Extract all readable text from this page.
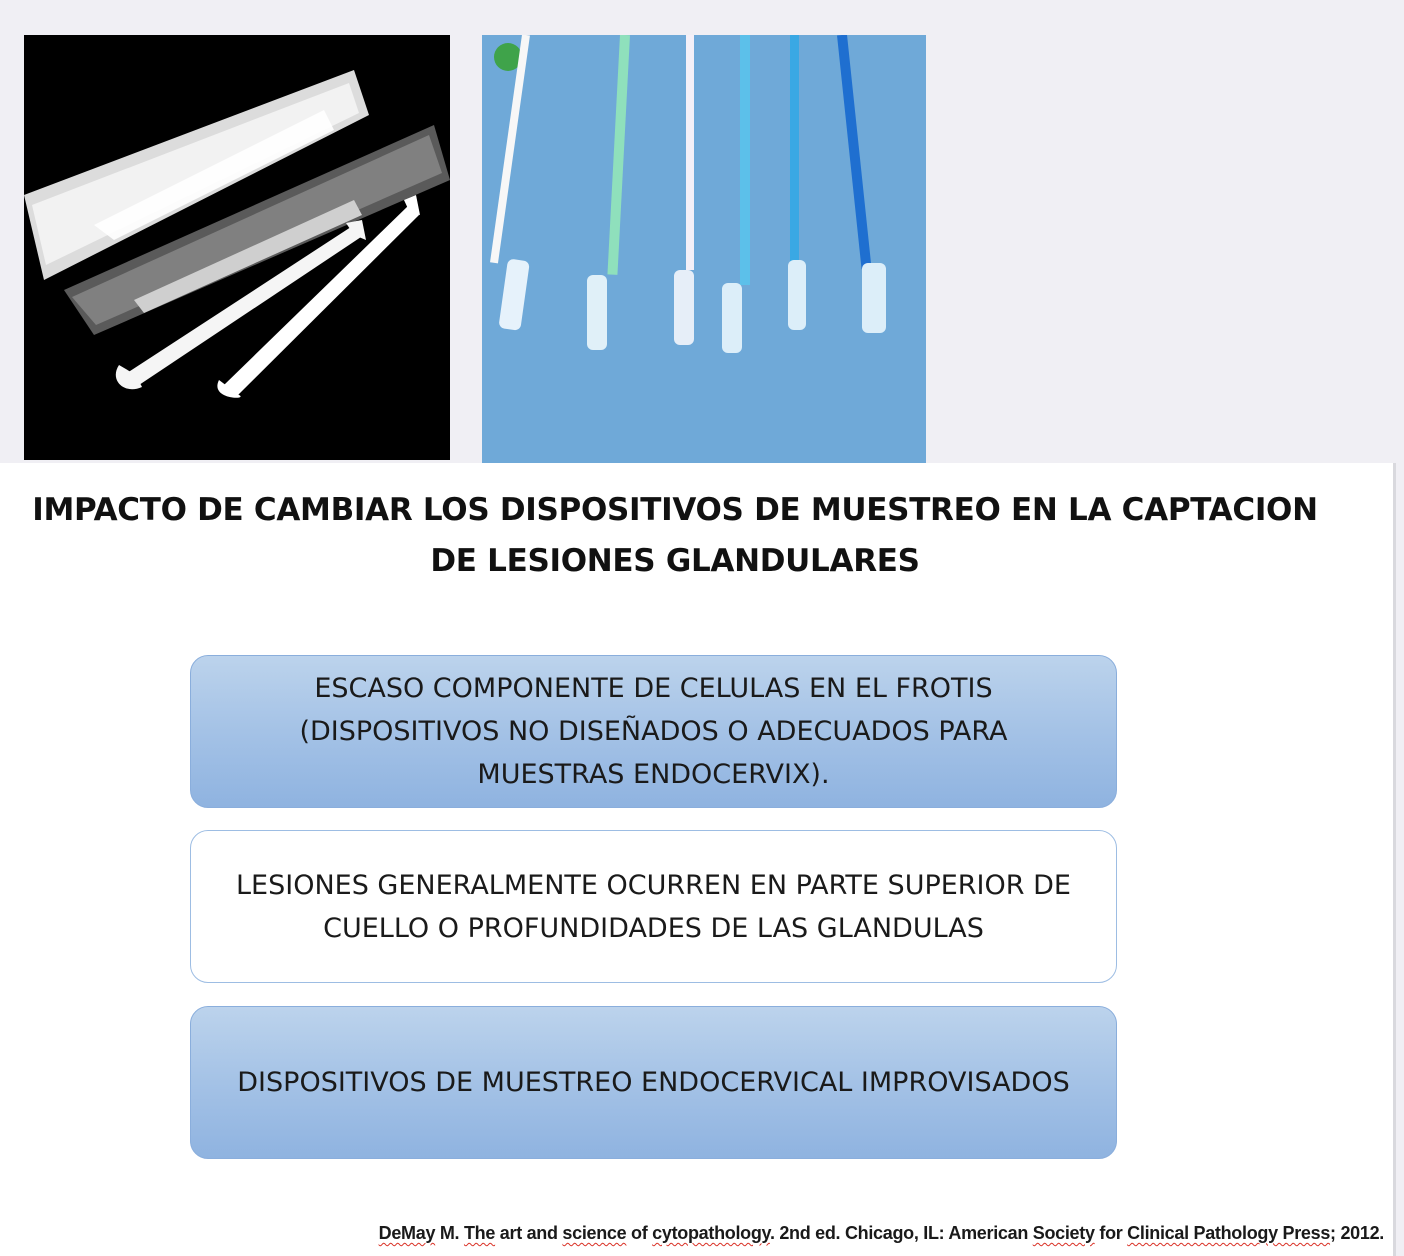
IMPACTO DE CAMBIAR LOS DISPOSITIVOS DE MUESTREO EN LA CAPTACION
DE LESIONES GLANDULARES
ESCASO COMPONENTE DE CELULAS EN EL FROTIS
(DISPOSITIVOS NO DISEÑADOS O ADECUADOS PARA
MUESTRAS ENDOCERVIX).
LESIONES GENERALMENTE OCURREN EN PARTE SUPERIOR DE
CUELLO O PROFUNDIDADES DE LAS GLANDULAS
DISPOSITIVOS DE MUESTREO ENDOCERVICAL IMPROVISADOS
DeMay M. The art and science of cytopathology. 2nd ed. Chicago, IL: American Society for Clinical Pathology Press; 2012.
